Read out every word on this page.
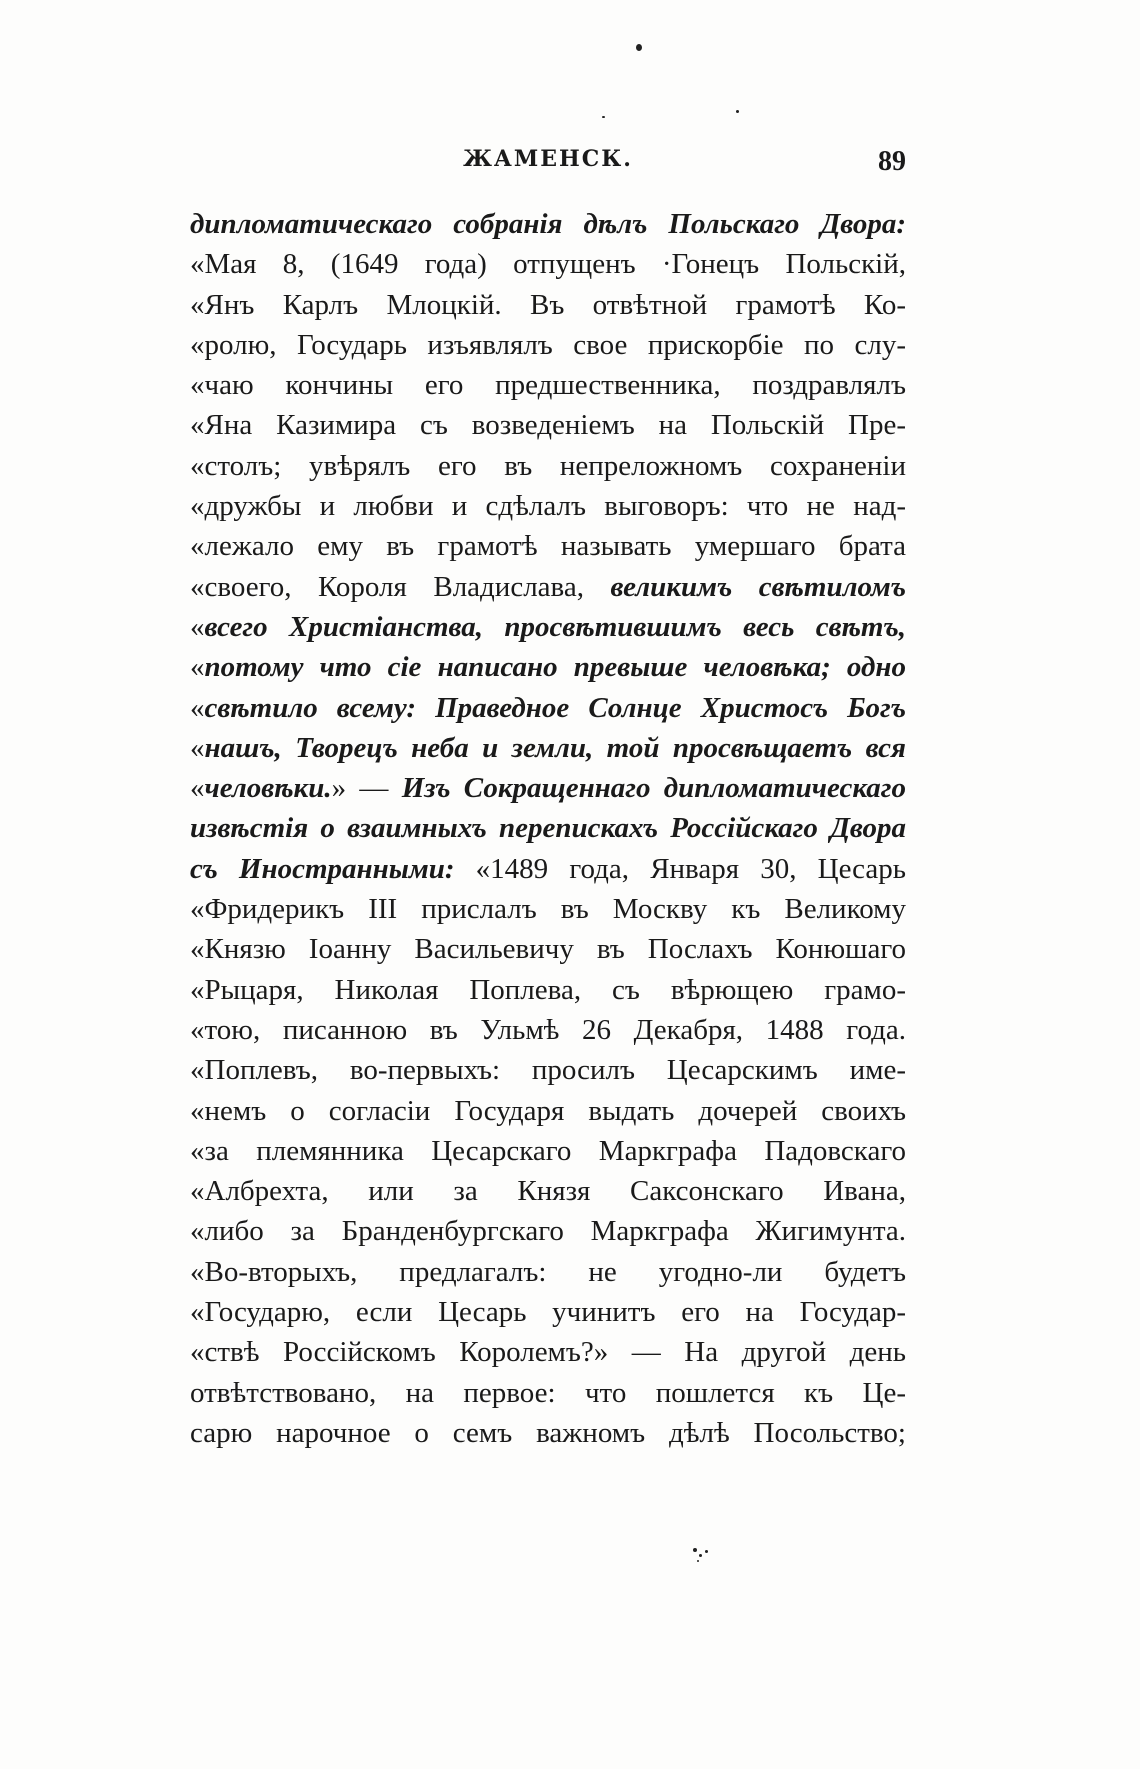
ЖАМЕНСК.	89
дипломатическаго собранія дѣлъ Польскаго Двора:
«Мая 8, (1649 года) отпущенъ ·Гонецъ Польскій,
«Янъ Карлъ Млоцкій. Въ отвѣтной грамотѣ Ко-
«ролю, Государь изъявлялъ свое прискорбіе по слу-
«чаю кончины его предшественника, поздравлялъ
«Яна Казимира съ возведеніемъ на Польскій Пре-
«столъ; увѣрялъ его въ непреложномъ сохраненіи
«дружбы и любви и сдѣлалъ выговоръ: что не над-
«лежало ему въ грамотѣ называть умершаго брата
«своего, Короля Владислава, великимъ свѣтиломъ
«всего Христіанства, просвѣтившимъ весь свѣтъ,
«потому что сіе написано превыше человѣка; одно
«свѣтило всему: Праведное Солнце Христосъ Богъ
«нашъ, Творецъ неба и земли, той просвѣщаетъ вся
«человѣки.» — Изъ Сокращеннаго дипломатическаго
извѣстія о взаимныхъ перепискахъ Россійскаго Двора
съ Иностранными: «1489 года, Января 30, Цесарь
«Фридерикъ III прислалъ въ Москву къ Великому
«Князю Іоанну Васильевичу въ Послахъ Конюшаго
«Рыцаря, Николая Поплева, съ вѣрющею грамо-
«тою, писанною въ Ульмѣ 26 Декабря, 1488 года.
«Поплевъ, во-первыхъ: просилъ Цесарскимъ име-
«немъ о согласіи Государя выдать дочерей своихъ
«за племянника Цесарскаго Маркграфа Падовскаго
«Албрехта, или за Князя Саксонскаго Ивана,
«либо за Бранденбургскаго Маркграфа Жигимунта.
«Во-вторыхъ, предлагалъ: не угодно-ли будетъ
«Государю, если Цесарь учинитъ его на Государ-
«ствѣ Россійскомъ Королемъ?» — На другой день
отвѣтствовано, на первое: что пошлется къ Це-
сарю нарочное о семъ важномъ дѣлѣ Посольство;
